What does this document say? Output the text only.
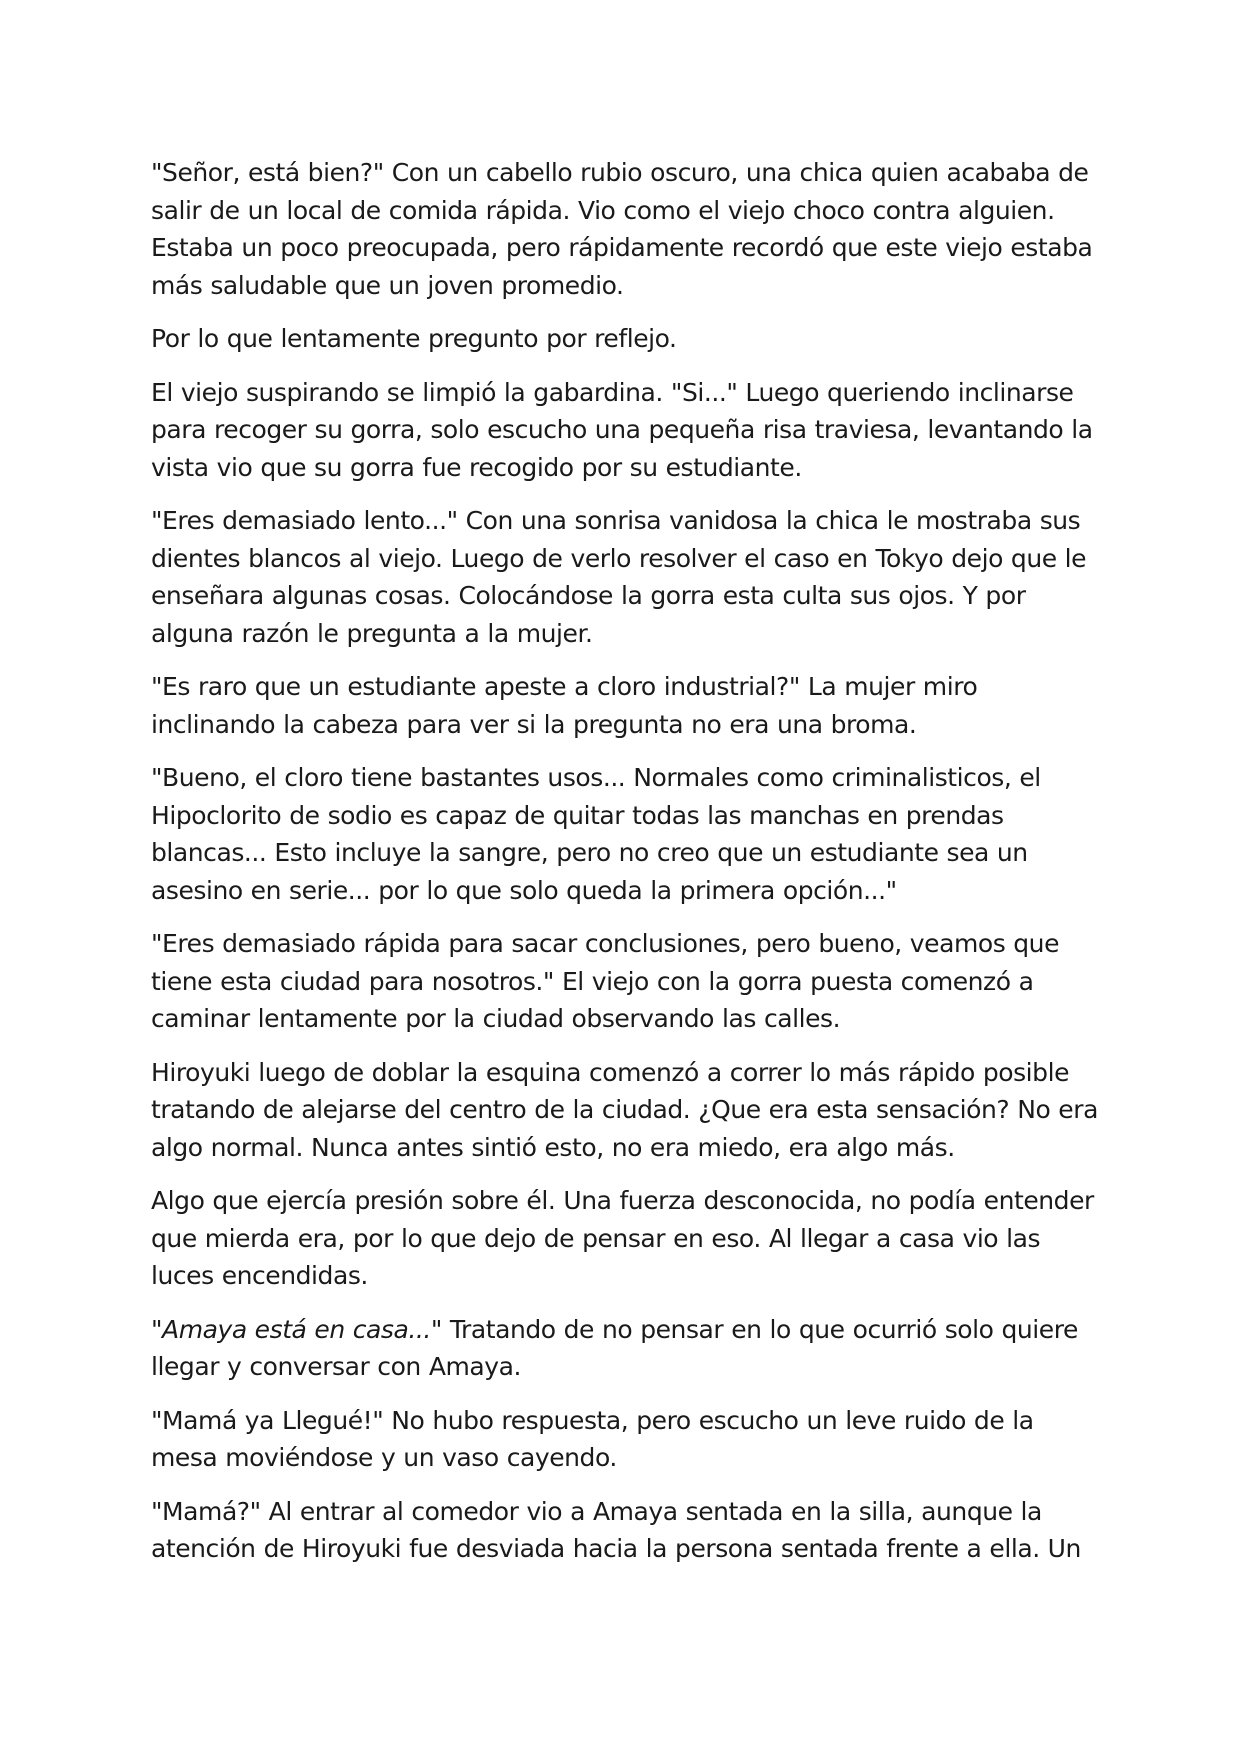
"Señor, está bien?" Con un cabello rubio oscuro, una chica quien acababa de salir de un local de comida rápida. Vio como el viejo choco contra alguien. Estaba un poco preocupada, pero rápidamente recordó que este viejo estaba más saludable que un joven promedio.

Por lo que lentamente pregunto por reflejo.

El viejo suspirando se limpió la gabardina. "Si..." Luego queriendo inclinarse para recoger su gorra, solo escucho una pequeña risa traviesa, levantando la vista vio que su gorra fue recogido por su estudiante.

"Eres demasiado lento..." Con una sonrisa vanidosa la chica le mostraba sus dientes blancos al viejo. Luego de verlo resolver el caso en Tokyo dejo que le enseñara algunas cosas. Colocándose la gorra esta culta sus ojos. Y por alguna razón le pregunta a la mujer.

"Es raro que un estudiante apeste a cloro industrial?" La mujer miro inclinando la cabeza para ver si la pregunta no era una broma.

"Bueno, el cloro tiene bastantes usos... Normales como criminalisticos, el Hipoclorito de sodio es capaz de quitar todas las manchas en prendas blancas... Esto incluye la sangre, pero no creo que un estudiante sea un asesino en serie... por lo que solo queda la primera opción..."

"Eres demasiado rápida para sacar conclusiones, pero bueno, veamos que tiene esta ciudad para nosotros." El viejo con la gorra puesta comenzó a caminar lentamente por la ciudad observando las calles.

Hiroyuki luego de doblar la esquina comenzó a correr lo más rápido posible tratando de alejarse del centro de la ciudad. ¿Que era esta sensación? No era algo normal. Nunca antes sintió esto, no era miedo, era algo más.

Algo que ejercía presión sobre él. Una fuerza desconocida, no podía entender que mierda era, por lo que dejo de pensar en eso. Al llegar a casa vio las luces encendidas.

"Amaya está en casa..." Tratando de no pensar en lo que ocurrió solo quiere llegar y conversar con Amaya.

"Mamá ya Llegué!" No hubo respuesta, pero escucho un leve ruido de la mesa moviéndose y un vaso cayendo.

"Mamá?" Al entrar al comedor vio a Amaya sentada en la silla, aunque la atención de Hiroyuki fue desviada hacia la persona sentada frente a ella. Un
